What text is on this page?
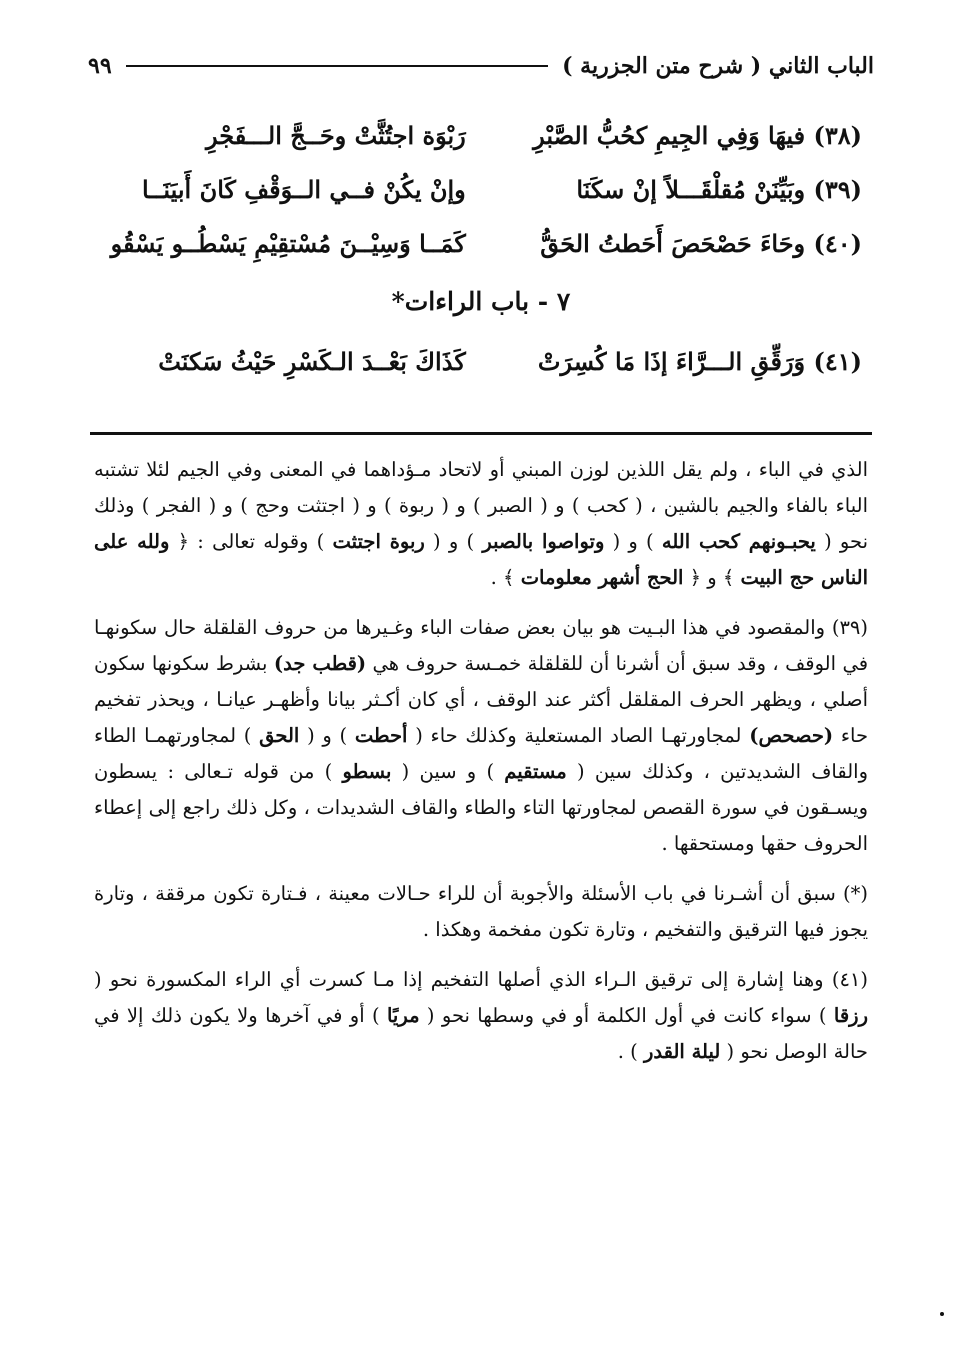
الباب الثاني ( شرح متن الجزرية )
٩٩
(٣٨) فيهَا وَفِي الجِيمِ كحُبُّ الصَّبْرِ
رَبْوَة اجتُثَّتْ وحَــجَّ الـــفَجْرِ
(٣٩) وبَيِّنَنْ مُقلْقَـــلاً إنْ سكَنَا
وإنْ يكُنْ فــي الــوَقْفِ كَانَ أَبيَنَــا
(٤٠) وحَاءَ حَصْحَصَ أَحَطتُ الحَقُّ
كَمَــا وَسِيْــنَ مُسْتقِيْمِ يَسْطُــو يَسْقُو
٧ - باب الراءات*
(٤١) وَرَقِّقِ الـــرَّاءَ إذَا مَا كُسِرَتْ
كَذَاكَ بَعْــدَ الـكَسْرِ حَيْثُ سَكنَتْ

الذي في الباء ، ولم يقل اللذين لوزن المبني أو لاتحاد مـؤداهما في المعنى وفي الجيم لئلا تشتبه الباء بالفاء والجيم بالشين ، ( كحب ) و ( الصبر ) و ( ربوة ) و ( اجتثت وحج ) و ( الفجر ) وذلك نحو ( يحبـونهم كحب الله ) و ( وتواصوا بالصبر ) و ( ربوة اجتثت ) وقوله تعالى : ﴿ ولله على الناس حج البيت ﴾ و ﴿ الحج أشهر معلومات ﴾ .

(٣٩) والمقصود في هذا البـيت هو بيان بعض صفات الباء وغـيرها من حروف القلقلة حال سكونهـا في الوقف ، وقد سبق أن أشرنا أن للقلقلة خمـسة حروف هي (قطب جد) بشرط سكونها سكون أصلي ، ويظهر الحرف المقلقل أكثر عند الوقف ، أي كان أكـثر بيانا وأظهـر عيانـا ، ويحذر تفخيم حاء (حصحص) لمجاورتهـا الصاد المستعلية وكذلك حاء ( أحطت ) و ( الحق ) لمجاورتهمـا الطاء والقاف الشديدتين ، وكذلك سين ( مستقيم ) و سين ( بسطو ) من قوله تـعالى : يسطون ويسـقون في سورة القصص لمجاورتها التاء والطاء والقاف الشديدات ، وكل ذلك راجع إلى إعطاء الحروف حقها ومستحقها .

(*) سبق أن أشـرنا في باب الأسئلة والأجوبة أن للراء حـالات معينة ، فـتارة تكون مرققة ، وتارة يجوز فيها الترقيق والتفخيم ، وتارة تكون مفخمة وهكذا .

(٤١) وهنا إشارة إلى ترقيق الـراء الذي أصلها التفخيم إذا مـا كسرت أي الراء المكسورة نحو ( رزقا ) سواء كانت في أول الكلمة أو في وسطها نحو ( مريًا ) أو في آخرها ولا يكون ذلك إلا في حالة الوصل نحو ( ليلة القدر ) .
